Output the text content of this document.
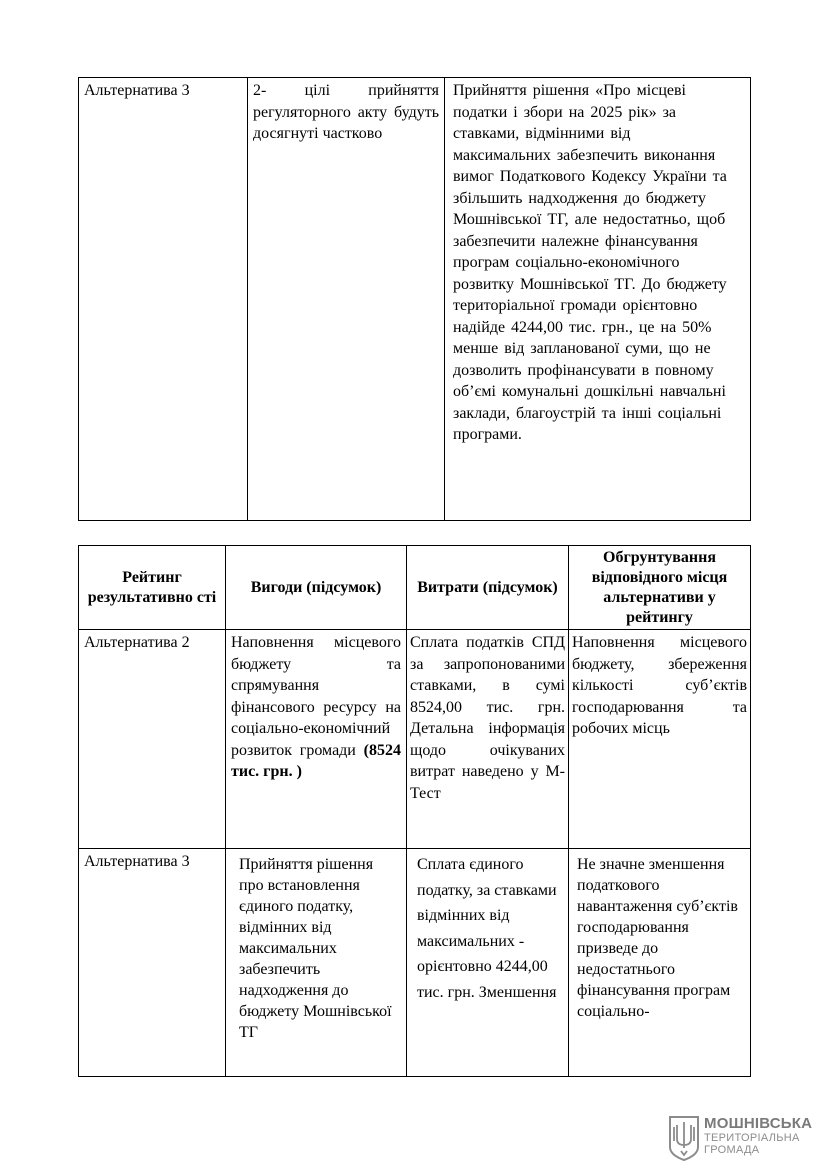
Альтернатива 3	2- цілі прийняття регуляторного акту будуть досягнуті частково	Прийняття рішення «Про місцеві податки і збори на 2025 рік» за ставками, відмінними від максимальних забезпечить виконання вимог Податкового Кодексу України та збільшить надходження до бюджету Мошнівської ТГ, але недостатньо, щоб забезпечити належне фінансування програм соціально-економічного розвитку Мошнівської ТГ. До бюджету територіальної громади орієнтовно надійде 4244,00 тис. грн., це на 50% менше від запланованої суми, що не дозволить профінансувати в повному об’ємі комунальні дошкільні навчальні заклади, благоустрій та інші соціальні програми.
Рейтинг результативно сті	Вигоди (підсумок)	Витрати (підсумок)	Обгрунтування відповідного місця альтернативи у рейтингу
Альтернатива 2	Наповнення місцевого бюджету та спрямування фінансового ресурсу на соціально-економічний розвиток громади (8524 тис. грн. )	Сплата податків СПД за запропонованими ставками, в сумі 8524,00 тис. грн. Детальна інформація щодо очікуваних витрат наведено у М-Тест	Наповнення місцевого бюджету, збереження кількості суб’єктів господарювання та робочих місць
Альтернатива 3	Прийняття рішення про встановлення єдиного податку, відмінних від максимальних забезпечить надходження до бюджету Мошнівської ТГ	Сплата єдиного податку, за ставками відмінних від максимальних - орієнтовно 4244,00 тис. грн. Зменшення	Не значне зменшення податкового навантаження суб’єктів господарювання призведе до недостатнього фінансування програм соціально-
МОШНІВСЬКА
ТЕРИТОРІАЛЬНА
ГРОМАДА
